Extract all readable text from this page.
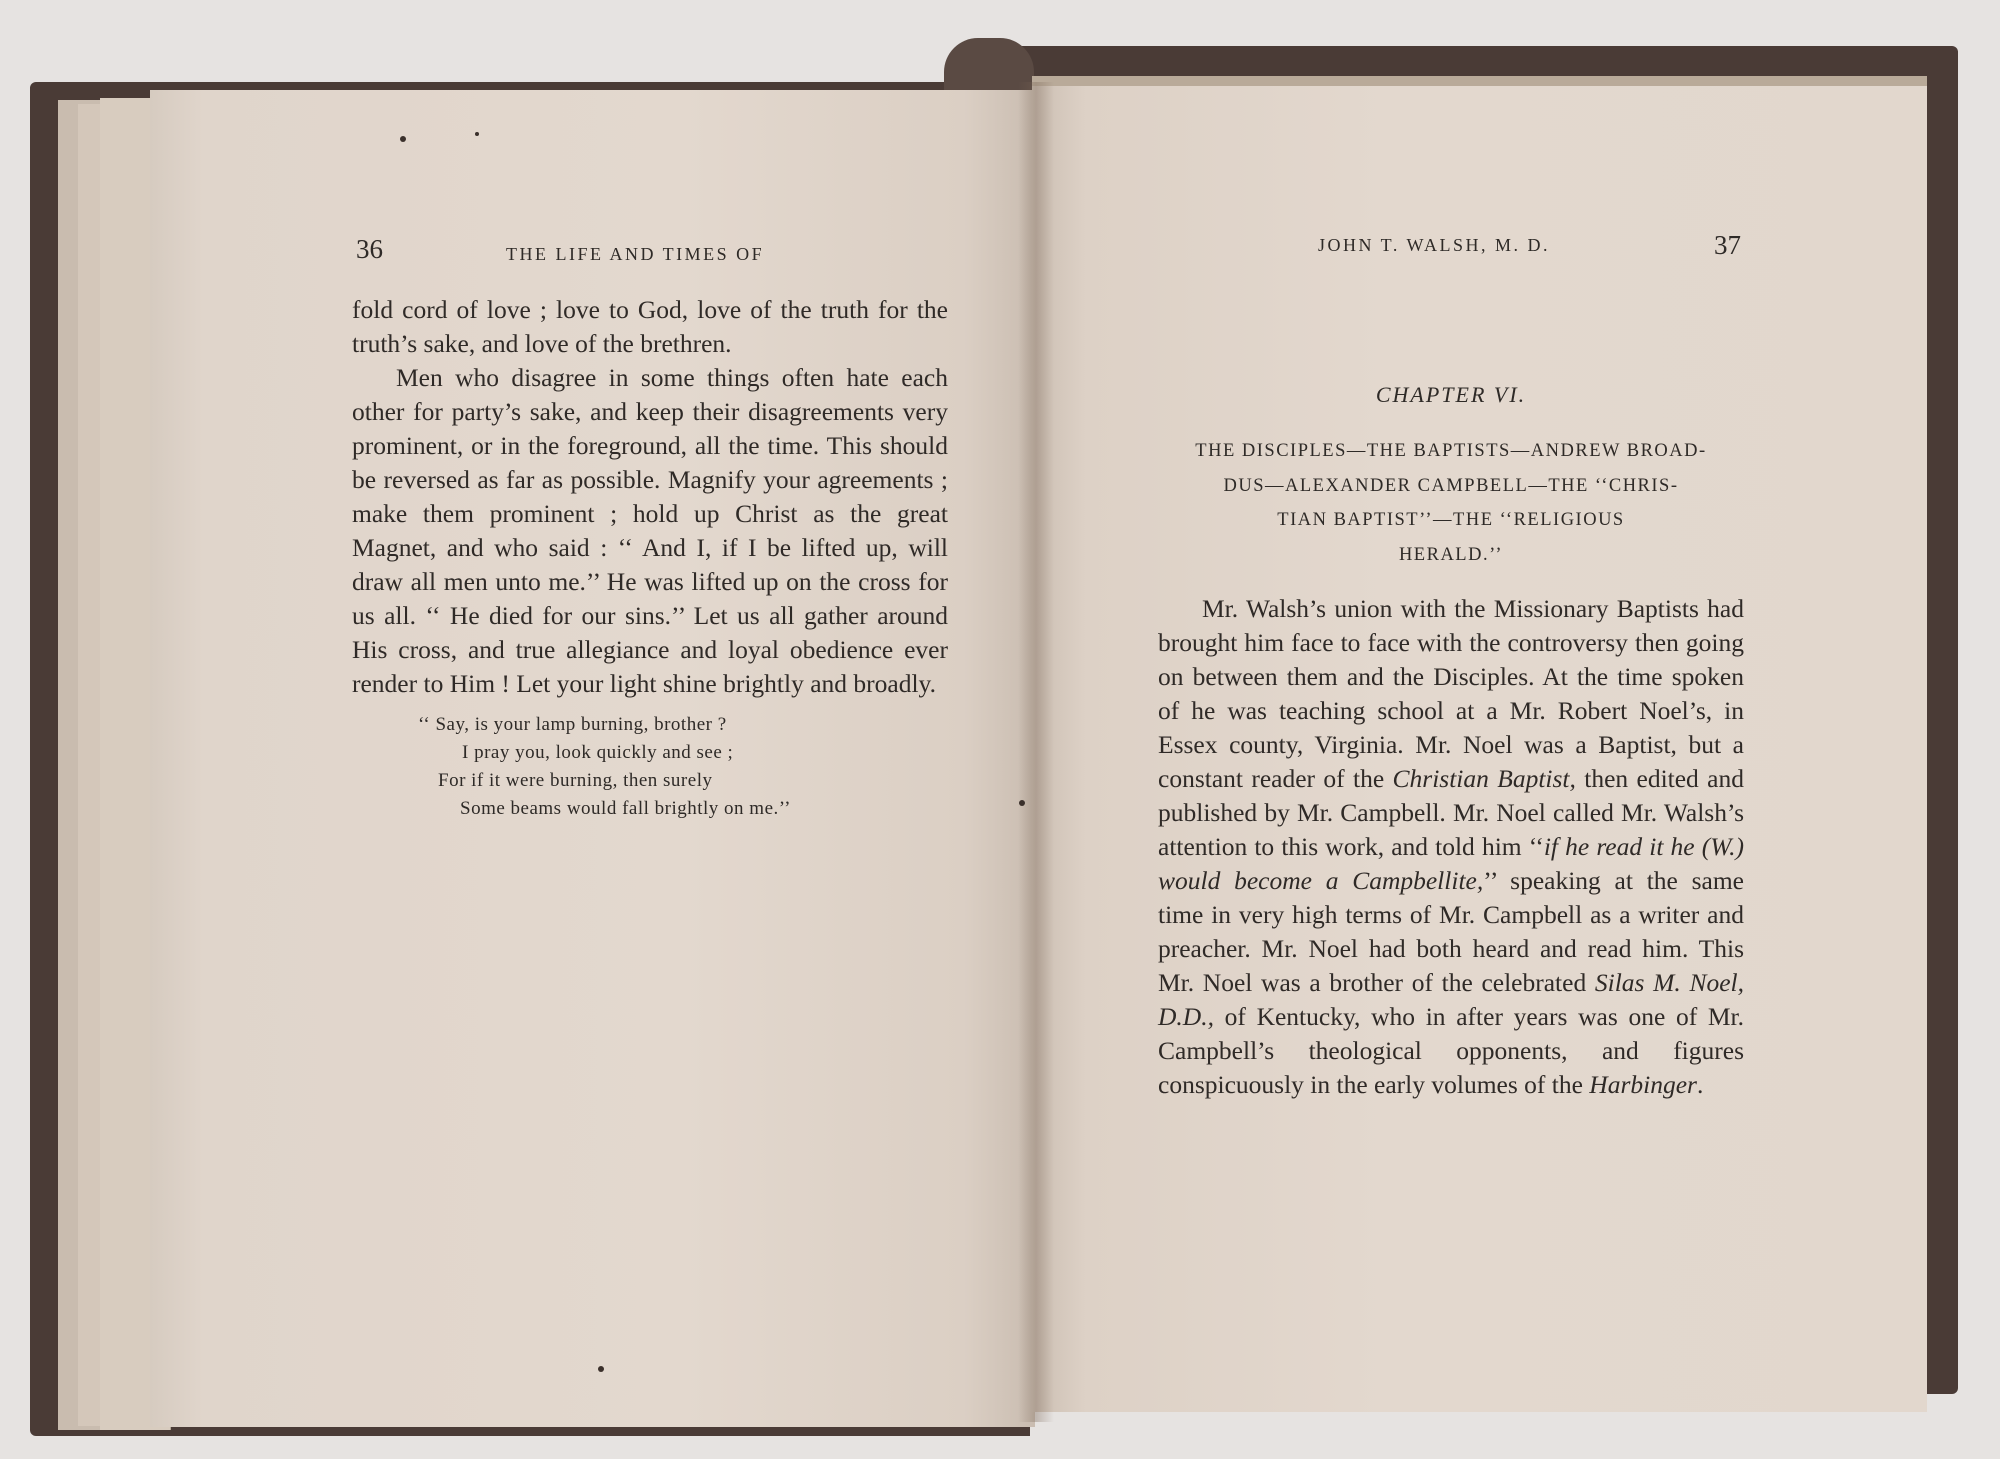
36	THE LIFE AND TIMES OF

fold cord of love ; love to God, love of the truth for the truth’s sake, and love of the brethren.

Men who disagree in some things often hate each other for party’s sake, and keep their disagreements very prominent, or in the foreground, all the time. This should be reversed as far as possible. Magnify your agreements ; make them prominent ; hold up Christ as the great Magnet, and who said : ‘‘ And I, if I be lifted up, will draw all men unto me.’’ He was lifted up on the cross for us all. ‘‘ He died for our sins.’’ Let us all gather around His cross, and true allegiance and loyal obedience ever render to Him ! Let your light shine brightly and broadly.

‘‘ Say, is your lamp burning, brother ?
I pray you, look quickly and see ;
For if it were burning, then surely
Some beams would fall brightly on me.’’
JOHN T. WALSH, M. D.	37
CHAPTER VI.
THE DISCIPLES—THE BAPTISTS—ANDREW BROAD-
DUS—ALEXANDER CAMPBELL—THE ‘‘CHRIS-
TIAN BAPTIST’’—THE ‘‘RELIGIOUS
HERALD.’’

Mr. Walsh’s union with the Missionary Baptists had brought him face to face with the controversy then going on between them and the Disciples. At the time spoken of he was teaching school at a Mr. Robert Noel’s, in Essex county, Virginia. Mr. Noel was a Baptist, but a constant reader of the Christian Baptist, then edited and published by Mr. Campbell. Mr. Noel called Mr. Walsh’s attention to this work, and told him ‘‘if he read it he (W.) would become a Campbellite,’’ speaking at the same time in very high terms of Mr. Campbell as a writer and preacher. Mr. Noel had both heard and read him. This Mr. Noel was a brother of the celebrated Silas M. Noel, D.D., of Kentucky, who in after years was one of Mr. Campbell’s theological opponents, and figures conspicuously in the early volumes of the Harbinger.
